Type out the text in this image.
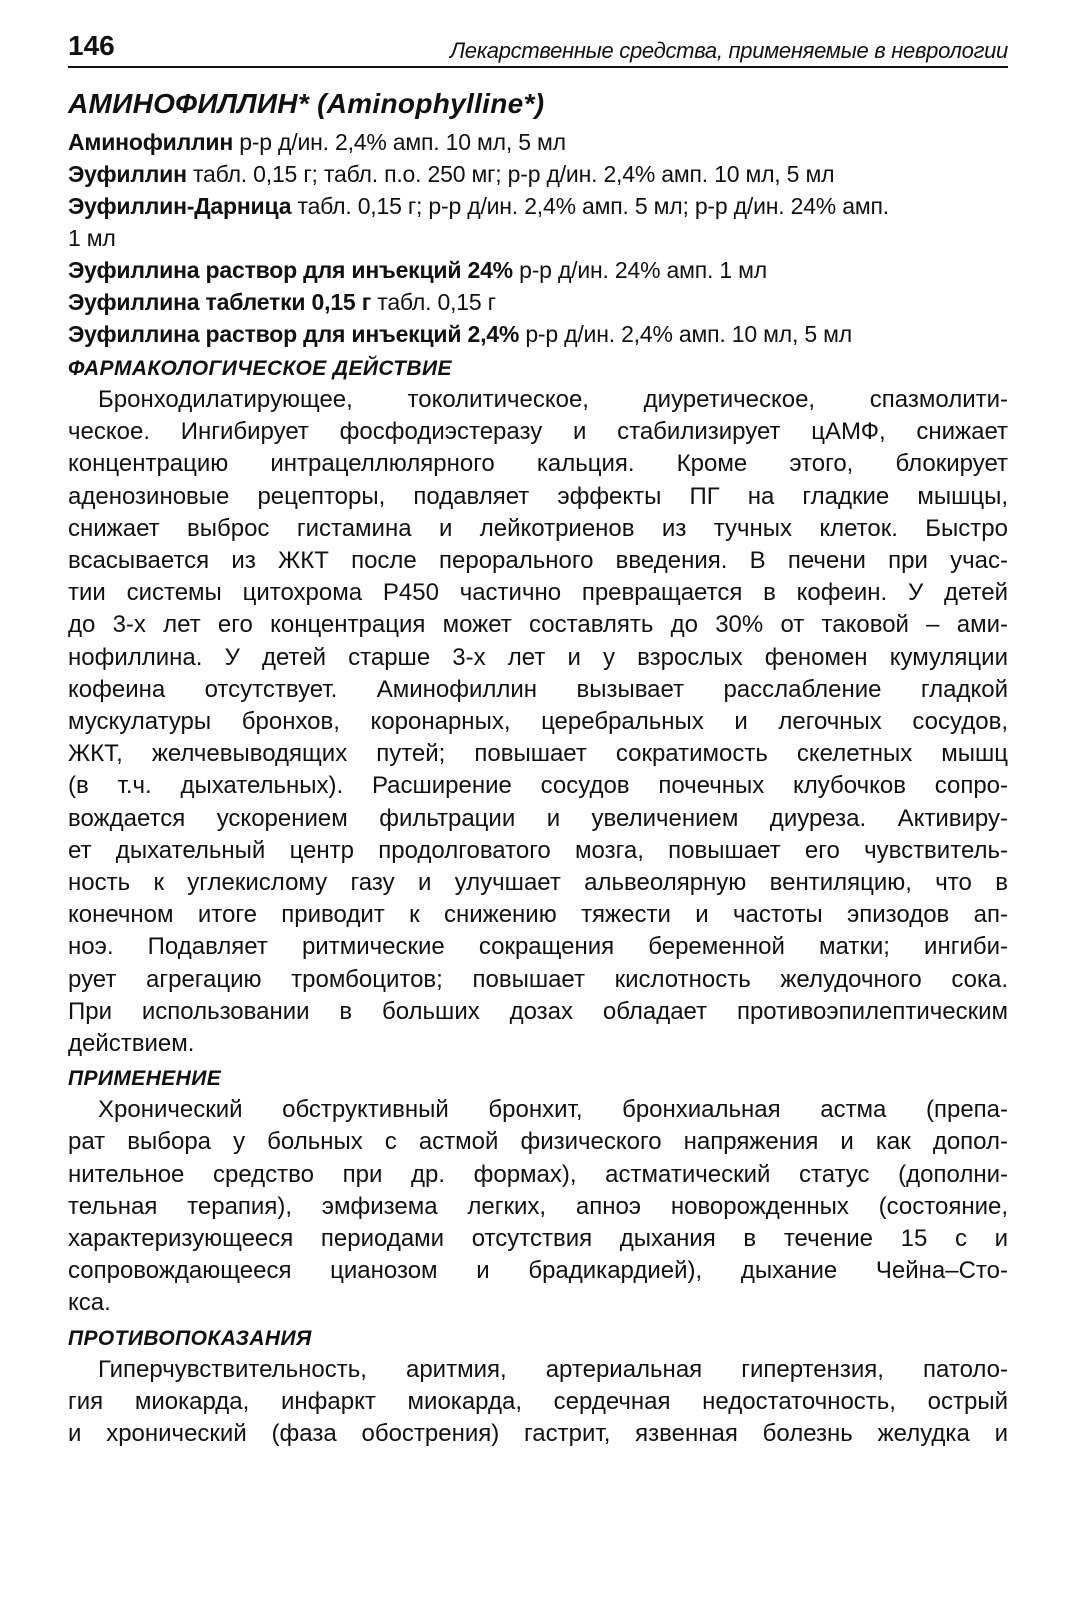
146	Лекарственные средства, применяемые в неврологии
АМИНОФИЛЛИН* (Aminophylline*)
Аминофиллин р-р д/ин. 2,4% амп. 10 мл, 5 мл
Эуфиллин табл. 0,15 г; табл. п.о. 250 мг; р-р д/ин. 2,4% амп. 10 мл, 5 мл
Эуфиллин-Дарница табл. 0,15 г; р-р д/ин. 2,4% амп. 5 мл; р-р д/ин. 24% амп.
1 мл
Эуфиллина раствор для инъекций 24% р-р д/ин. 24% амп. 1 мл
Эуфиллина таблетки 0,15 г табл. 0,15 г
Эуфиллина раствор для инъекций 2,4% р-р д/ин. 2,4% амп. 10 мл, 5 мл
ФАРМАКОЛОГИЧЕСКОЕ ДЕЙСТВИЕ
Бронходилатирующее, токолитическое, диуретическое, спазмолити-
ческое. Ингибирует фосфодиэстеразу и стабилизирует цАМФ, снижает
концентрацию интрацеллюлярного кальция. Кроме этого, блокирует
аденозиновые рецепторы, подавляет эффекты ПГ на гладкие мышцы,
снижает выброс гистамина и лейкотриенов из тучных клеток. Быстро
всасывается из ЖКТ после перорального введения. В печени при учас-
тии системы цитохрома P450 частично превращается в кофеин. У детей
до 3-х лет его концентрация может составлять до 30% от таковой – ами-
нофиллина. У детей старше 3-х лет и у взрослых феномен кумуляции
кофеина отсутствует. Аминофиллин вызывает расслабление гладкой
мускулатуры бронхов, коронарных, церебральных и легочных сосудов,
ЖКТ, желчевыводящих путей; повышает сократимость скелетных мышц
(в т.ч. дыхательных). Расширение сосудов почечных клубочков сопро-
вождается ускорением фильтрации и увеличением диуреза. Активиру-
ет дыхательный центр продолговатого мозга, повышает его чувствитель-
ность к углекислому газу и улучшает альвеолярную вентиляцию, что в
конечном итоге приводит к снижению тяжести и частоты эпизодов ап-
ноэ. Подавляет ритмические сокращения беременной матки; ингиби-
рует агрегацию тромбоцитов; повышает кислотность желудочного сока.
При использовании в больших дозах обладает противоэпилептическим
действием.
ПРИМЕНЕНИЕ
Хронический обструктивный бронхит, бронхиальная астма (препа-
рат выбора у больных с астмой физического напряжения и как допол-
нительное средство при др. формах), астматический статус (дополни-
тельная терапия), эмфизема легких, апноэ новорожденных (состояние,
характеризующееся периодами отсутствия дыхания в течение 15 с и
сопровождающееся цианозом и брадикардией), дыхание Чейна–Сто-
кса.
ПРОТИВОПОКАЗАНИЯ
Гиперчувствительность, аритмия, артериальная гипертензия, патоло-
гия миокарда, инфаркт миокарда, сердечная недостаточность, острый
и хронический (фаза обострения) гастрит, язвенная болезнь желудка и
